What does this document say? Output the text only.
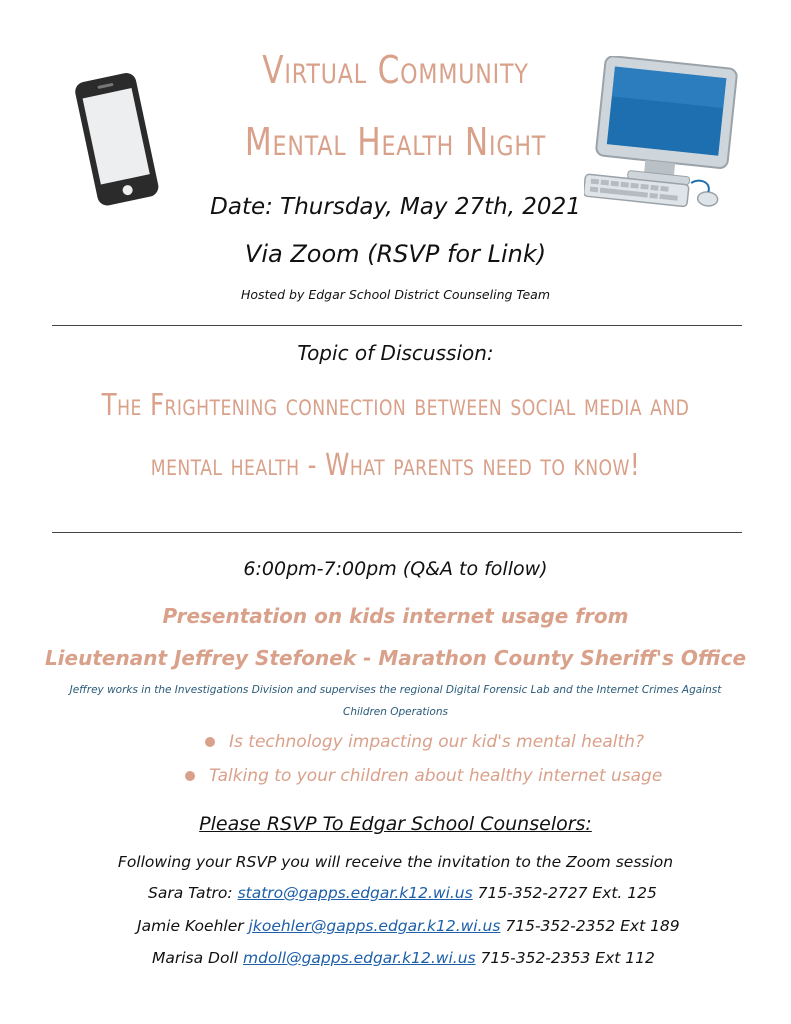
Virtual Community
Mental Health Night
Date: Thursday, May 27th, 2021
Via Zoom (RSVP for Link)
Hosted by Edgar School District Counseling Team
Topic of Discussion:
The Frightening connection between social media and
mental health - What parents need to know!
6:00pm-7:00pm (Q&A to follow)
Presentation on kids internet usage from
Lieutenant Jeffrey Stefonek - Marathon County Sheriff's Office
Jeffrey works in the Investigations Division and supervises the regional Digital Forensic Lab and the Internet Crimes Against
Children Operations
Is technology impacting our kid's mental health?
Talking to your children about healthy internet usage
Please RSVP To Edgar School Counselors:
Following your RSVP you will receive the invitation to the Zoom session
Sara Tatro: statro@gapps.edgar.k12.wi.us 715-352-2727 Ext. 125
Jamie Koehler jkoehler@gapps.edgar.k12.wi.us 715-352-2352 Ext 189
Marisa Doll mdoll@gapps.edgar.k12.wi.us 715-352-2353 Ext 112
